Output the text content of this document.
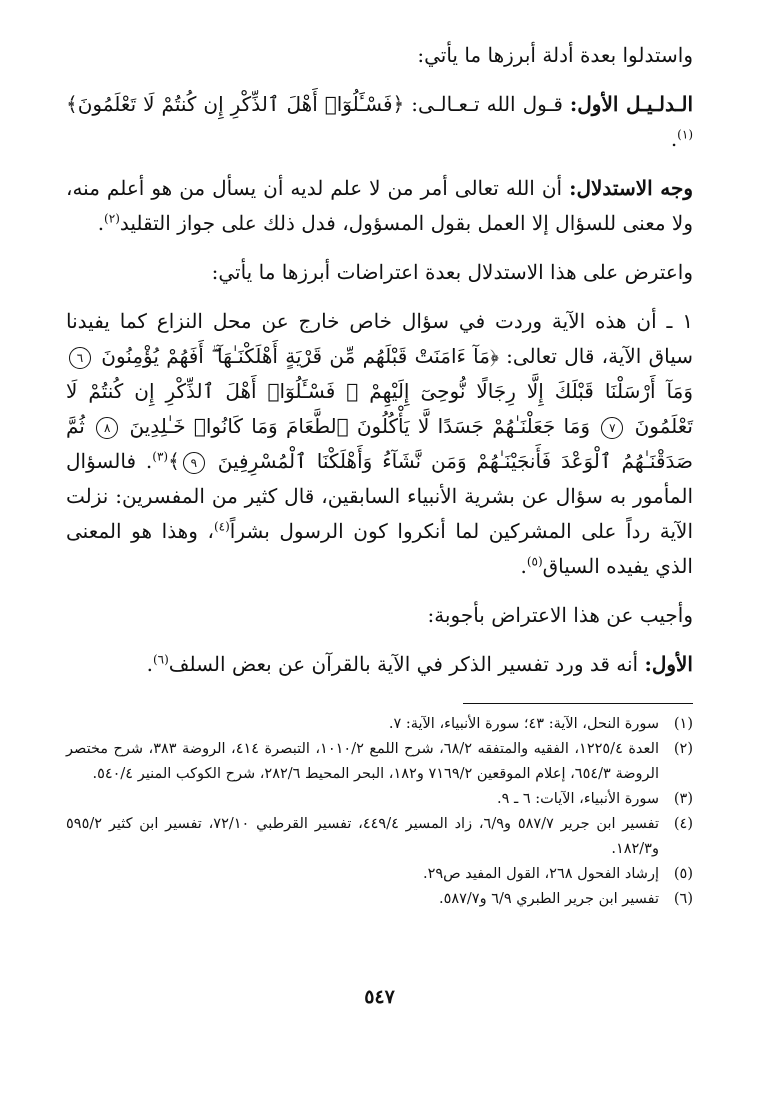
واستدلوا بعدة أدلة أبرزها ما يأتي:

الـدلـيـل الأول: قـول الله تـعـالـى: ﴿فَسْـَٔلُوٓا۟ أَهْلَ ٱلذِّكْرِ إِن كُنتُمْ لَا تَعْلَمُونَ﴾$^{(١)}$.

وجه الاستدلال: أن الله تعالى أمر من لا علم لديه أن يسأل من هو أعلم منه، ولا معنى للسؤال إلا العمل بقول المسؤول، فدل ذلك على جواز التقليد$^{(٢)}$.

واعترض على هذا الاستدلال بعدة اعتراضات أبرزها ما يأتي:

١ ـ أن هذه الآية وردت في سؤال خاص خارج عن محل النزاع كما يفيدنا سياق الآية، قال تعالى: ﴿مَآ ءَامَنَتْ قَبْلَهُم مِّن قَرْيَةٍ أَهْلَكْنَـٰهَآ ۖ أَفَهُمْ يُؤْمِنُونَ ٦ وَمَآ أَرْسَلْنَا قَبْلَكَ إِلَّا رِجَالًا نُّوحِىٓ إِلَيْهِمْ ۖ فَسْـَٔلُوٓا۟ أَهْلَ ٱلذِّكْرِ إِن كُنتُمْ لَا تَعْلَمُونَ ٧ وَمَا جَعَلْنَـٰهُمْ جَسَدًا لَّا يَأْكُلُونَ ٱلطَّعَامَ وَمَا كَانُوا۟ خَـٰلِدِينَ ٨ ثُمَّ صَدَقْنَـٰهُمُ ٱلْوَعْدَ فَأَنجَيْنَـٰهُمْ وَمَن نَّشَآءُ وَأَهْلَكْنَا ٱلْمُسْرِفِينَ ٩﴾$^{(٣)}$. فالسؤال المأمور به سؤال عن بشرية الأنبياء السابقين، قال كثير من المفسرين: نزلت الآية رداً على المشركين لما أنكروا كون الرسول بشراً$^{(٤)}$، وهذا هو المعنى الذي يفيده السياق$^{(٥)}$.

وأجيب عن هذا الاعتراض بأجوبة:

الأول: أنه قد ورد تفسير الذكر في الآية بالقرآن عن بعض السلف$^{(٦)}$.

(١)
سورة النحل، الآية: ٤٣؛ سورة الأنبياء، الآية: ٧.

(٢)
العدة ١٢٢٥/٤، الفقيه والمتفقه ٦٨/٢، شرح اللمع ١٠١٠/٢، التبصرة ٤١٤، الروضة ٣٨٣، شرح مختصر الروضة ٦٥٤/٣، إعلام الموقعين ٧١٦٩/٢ و١٨٢، البحر المحيط ٢٨٢/٦، شرح الكوكب المنير ٥٤٠/٤.

(٣)
سورة الأنبياء، الآيات: ٦ ـ ٩.

(٤)
تفسير ابن جرير ٥٨٧/٧ و٦/٩، زاد المسير ٤٤٩/٤، تفسير القرطبي ٧٢/١٠، تفسير ابن كثير ٥٩٥/٢ و١٨٢/٣.

(٥)
إرشاد الفحول ٢٦٨، القول المفيد ص٢٩.

(٦)
تفسير ابن جرير الطبري ٦/٩ و٥٨٧/٧.

٥٤٧
